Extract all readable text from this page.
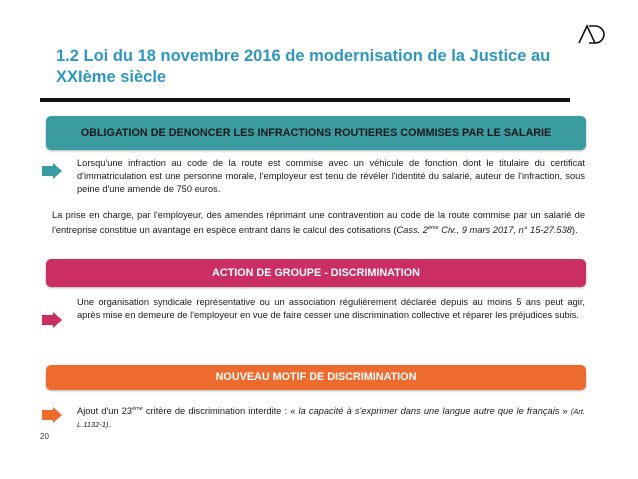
1.2 Loi du 18 novembre 2016 de modernisation de la Justice au XXIème siècle
OBLIGATION DE DENONCER LES INFRACTIONS ROUTIERES COMMISES PAR LE SALARIE
Lorsqu'une infraction au code de la route est commise avec un véhicule de fonction dont le titulaire du certificat d'immatriculation est une personne morale, l'employeur est tenu de révéler l'identité du salarié, auteur de l'infraction, sous peine d'une amende de 750 euros.
La prise en charge, par l'employeur, des amendes réprimant une contravention au code de la route commise par un salarié de l'entreprise constitue un avantage en espèce entrant dans le calcul des cotisations (Cass. 2ème Civ., 9 mars 2017, n° 15-27.538).
ACTION DE GROUPE - DISCRIMINATION
Une organisation syndicale représentative ou un association régulièrement déclarée depuis au moins 5 ans peut agir, après mise en demeure de l'employeur en vue de faire cesser une discrimination collective et réparer les préjudices subis.
NOUVEAU MOTIF DE DISCRIMINATION
Ajout d'un 23ème critère de discrimination interdite : « la capacité à s'exprimer dans une langue autre que le français » (Art. L.1132-1).
20
